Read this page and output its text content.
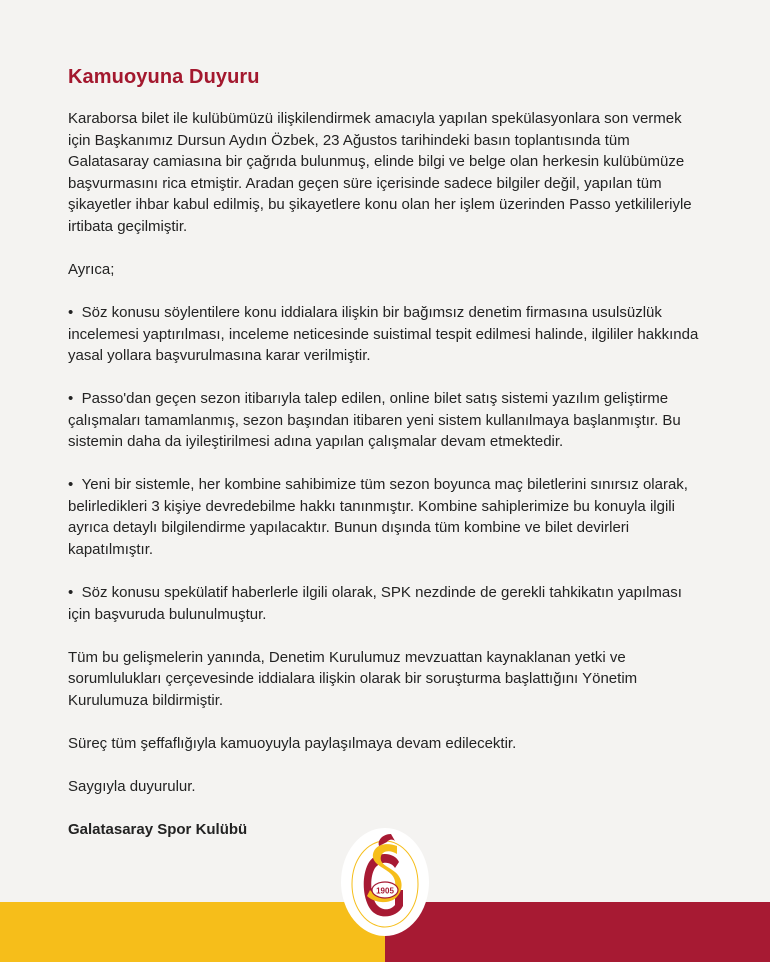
Kamuoyuna Duyuru

Karaborsa bilet ile kulübümüzü ilişkilendirmek amacıyla yapılan spekülasyonlara son vermek için Başkanımız Dursun Aydın Özbek, 23 Ağustos tarihindeki basın toplantısında tüm Galatasaray camiasına bir çağrıda bulunmuş, elinde bilgi ve belge olan herkesin kulübümüze başvurmasını rica etmiştir. Aradan geçen süre içerisinde sadece bilgiler değil, yapılan tüm şikayetler ihbar kabul edilmiş, bu şikayetlere konu olan her işlem üzerinden Passo yetkilileriyle irtibata geçilmiştir.

Ayrıca;

•  Söz konusu söylentilere konu iddialara ilişkin bir bağımsız denetim firmasına usulsüzlük incelemesi yaptırılması, inceleme neticesinde suistimal tespit edilmesi halinde, ilgililer hakkında yasal yollara başvurulmasına karar verilmiştir.

•  Passo'dan geçen sezon itibarıyla talep edilen, online bilet satış sistemi yazılım geliştirme çalışmaları tamamlanmış, sezon başından itibaren yeni sistem kullanılmaya başlanmıştır. Bu sistemin daha da iyileştirilmesi adına yapılan çalışmalar devam etmektedir.

•  Yeni bir sistemle, her kombine sahibimize tüm sezon boyunca maç biletlerini sınırsız olarak, belirledikleri 3 kişiye devredebilme hakkı tanınmıştır. Kombine sahiplerimize bu konuyla ilgili ayrıca detaylı bilgilendirme yapılacaktır. Bunun dışında tüm kombine ve bilet devirleri kapatılmıştır.

•  Söz konusu spekülatif haberlerle ilgili olarak, SPK nezdinde de gerekli tahkikatın yapılması için başvuruda bulunulmuştur.

Tüm bu gelişmelerin yanında, Denetim Kurulumuz mevzuattan kaynaklanan yetki ve sorumlulukları çerçevesinde iddialara ilişkin olarak bir soruşturma başlattığını Yönetim Kurulumuza bildirmiştir.

Süreç tüm şeffaflığıyla kamuoyuyla paylaşılmaya devam edilecektir.

Saygıyla duyurulur.

Galatasaray Spor Kulübü

1905
